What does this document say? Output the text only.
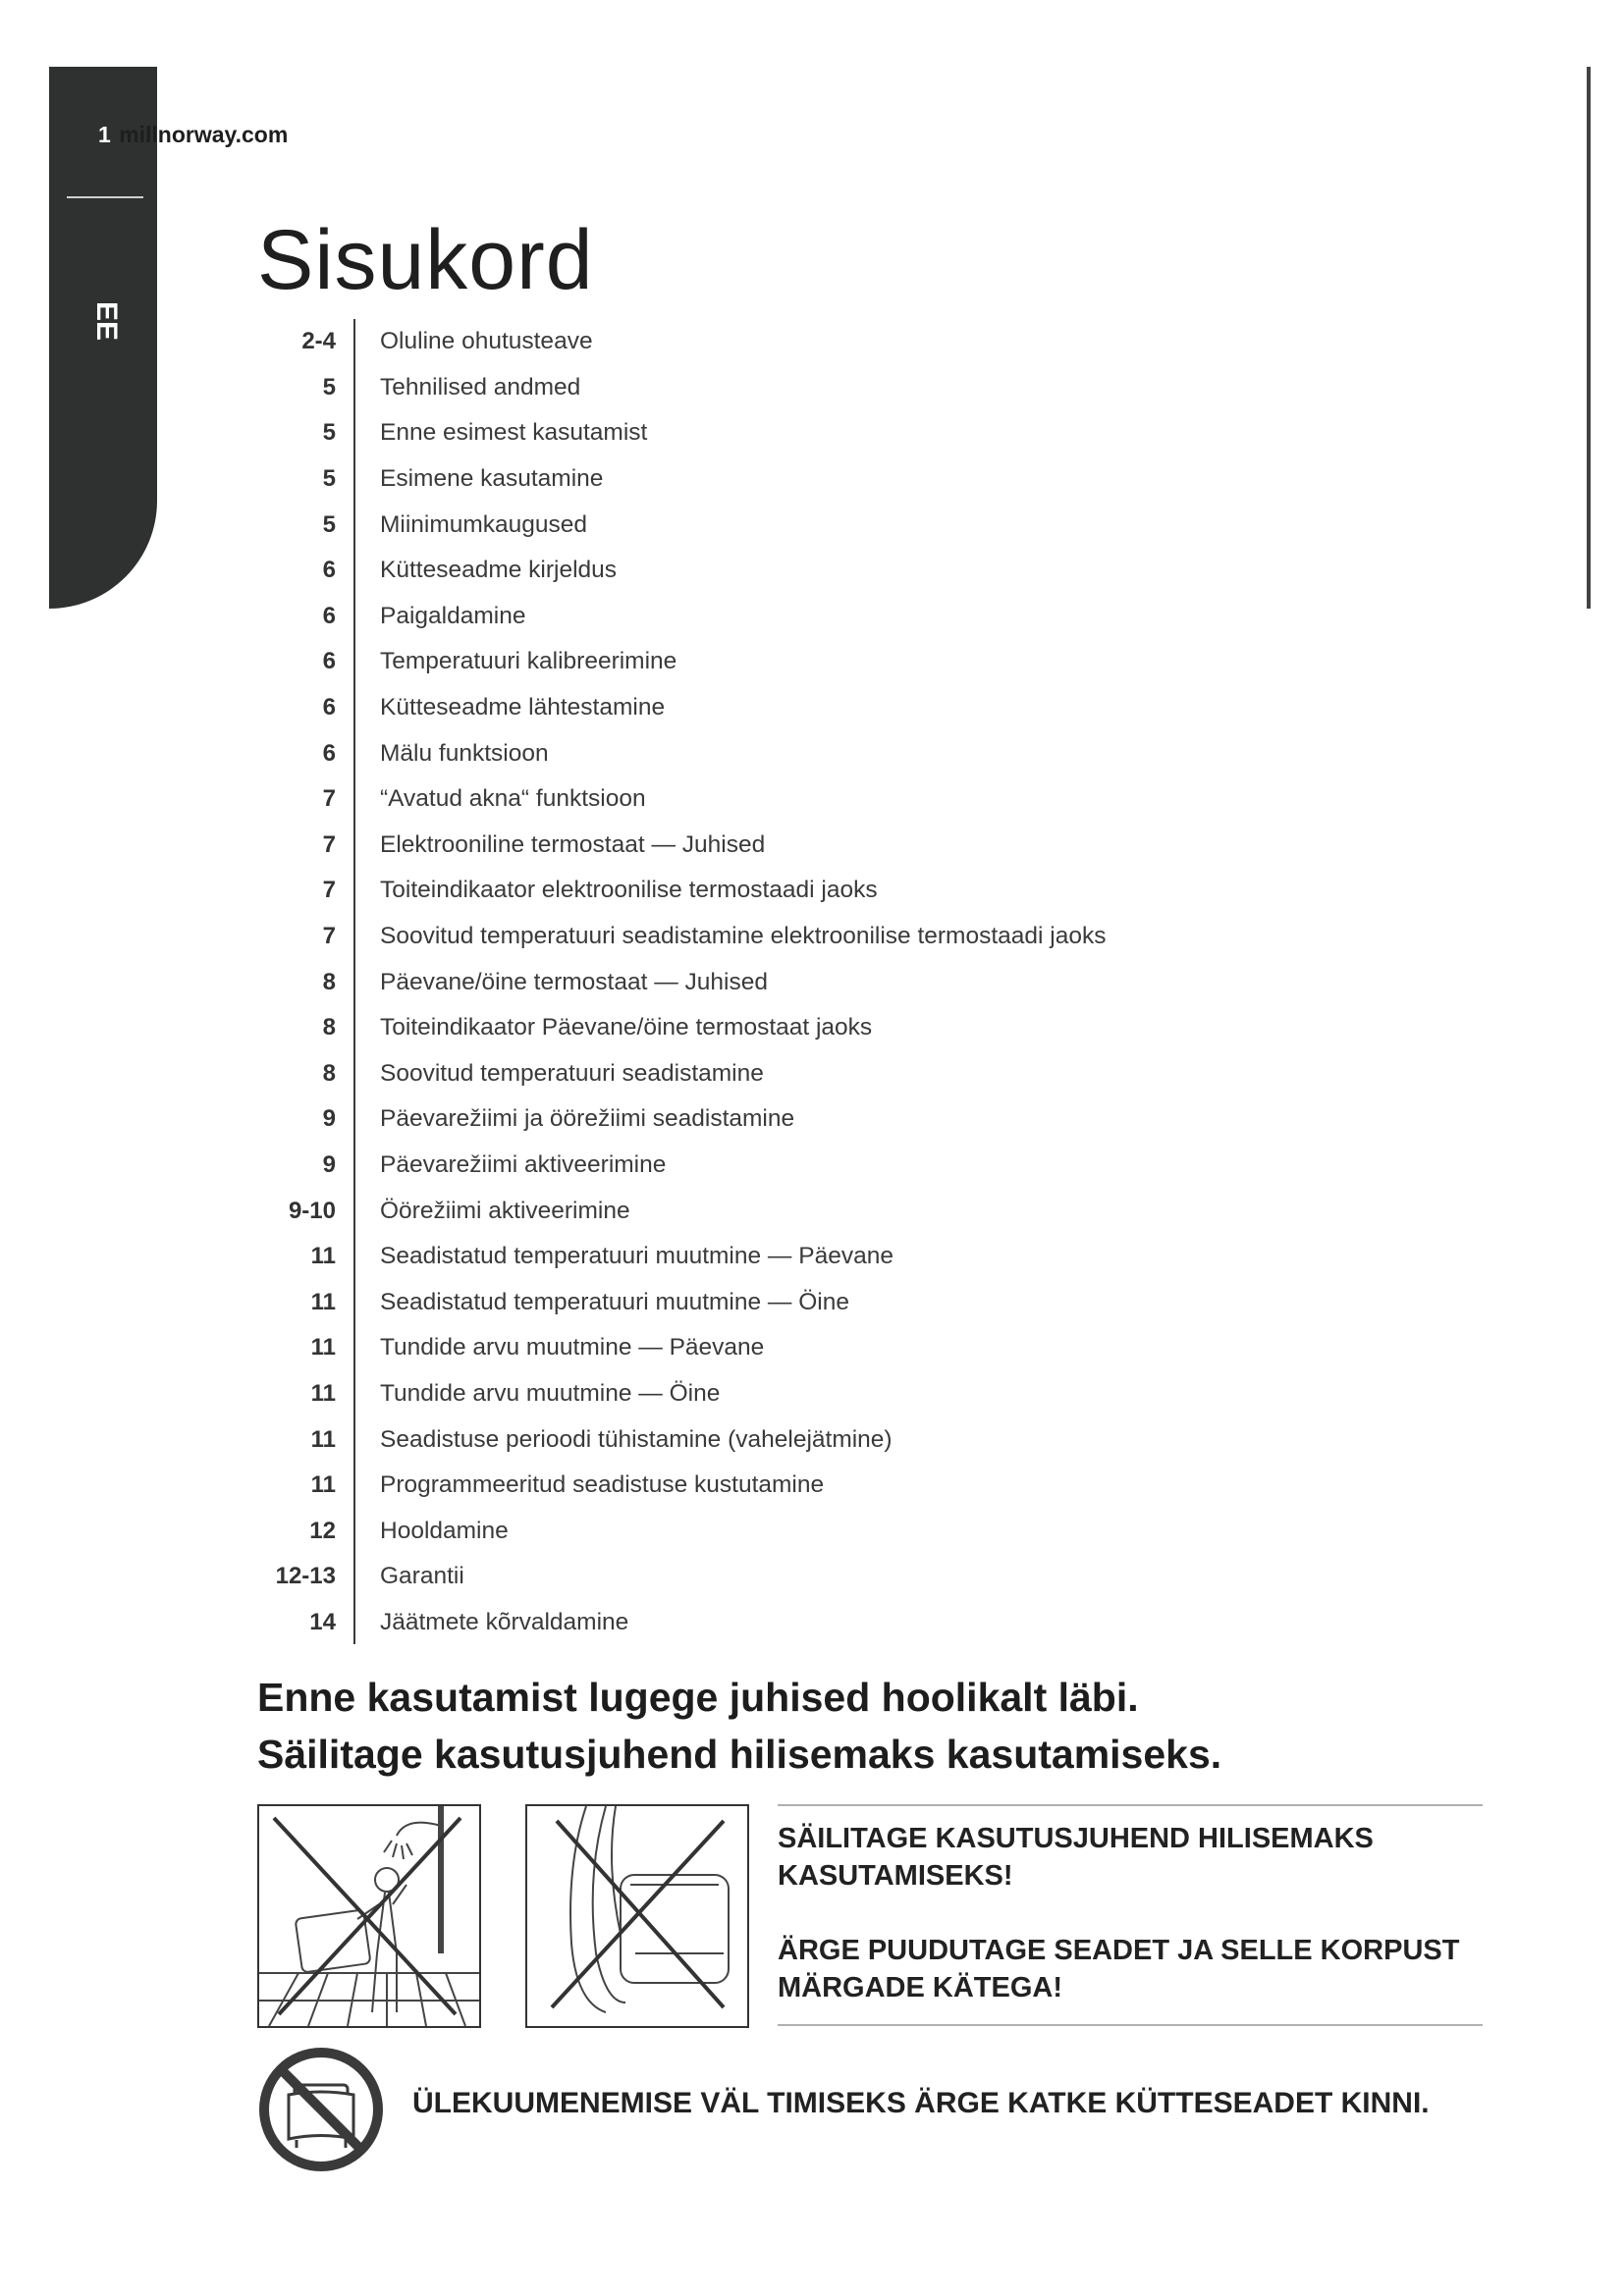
EE
1 millnorway.com
Sisukord
2-4 Oluline ohutusteave
5 Tehnilised andmed
5 Enne esimest kasutamist
5 Esimene kasutamine
5 Miinimumkaugused
6 Kütteseadme kirjeldus
6 Paigaldamine
6 Temperatuuri kalibreerimine
6 Kütteseadme lähtestamine
6 Mälu funktsioon
7 “Avatud akna“ funktsioon
7 Elektrooniline termostaat — Juhised
7 Toiteindikaator elektroonilise termostaadi jaoks
7 Soovitud temperatuuri seadistamine elektroonilise termostaadi jaoks
8 Päevane/öine termostaat — Juhised
8 Toiteindikaator Päevane/öine termostaat jaoks
8 Soovitud temperatuuri seadistamine
9 Päevarežiimi ja öörežiimi seadistamine
9 Päevarežiimi aktiveerimine
9-10 Öörežiimi aktiveerimine
11 Seadistatud temperatuuri muutmine — Päevane
11 Seadistatud temperatuuri muutmine — Öine
11 Tundide arvu muutmine — Päevane
11 Tundide arvu muutmine — Öine
11 Seadistuse perioodi tühistamine (vahelejätmine)
11 Programmeeritud seadistuse kustutamine
12 Hooldamine
12-13 Garantii
14 Jäätmete kõrvaldamine
Enne kasutamist lugege juhised hoolikalt läbi.
Säilitage kasutusjuhend hilisemaks kasutamiseks.
SÄILITAGE KASUTUSJUHEND HILISEMAKS KASUTAMISEKS!
ÄRGE PUUDUTAGE SEADET JA SELLE KORPUST MÄRGADE KÄTEGA!
ÜLEKUUMENEMISE VÄL TIMISEKS ÄRGE KATKE KÜTTESEADET KINNI.
